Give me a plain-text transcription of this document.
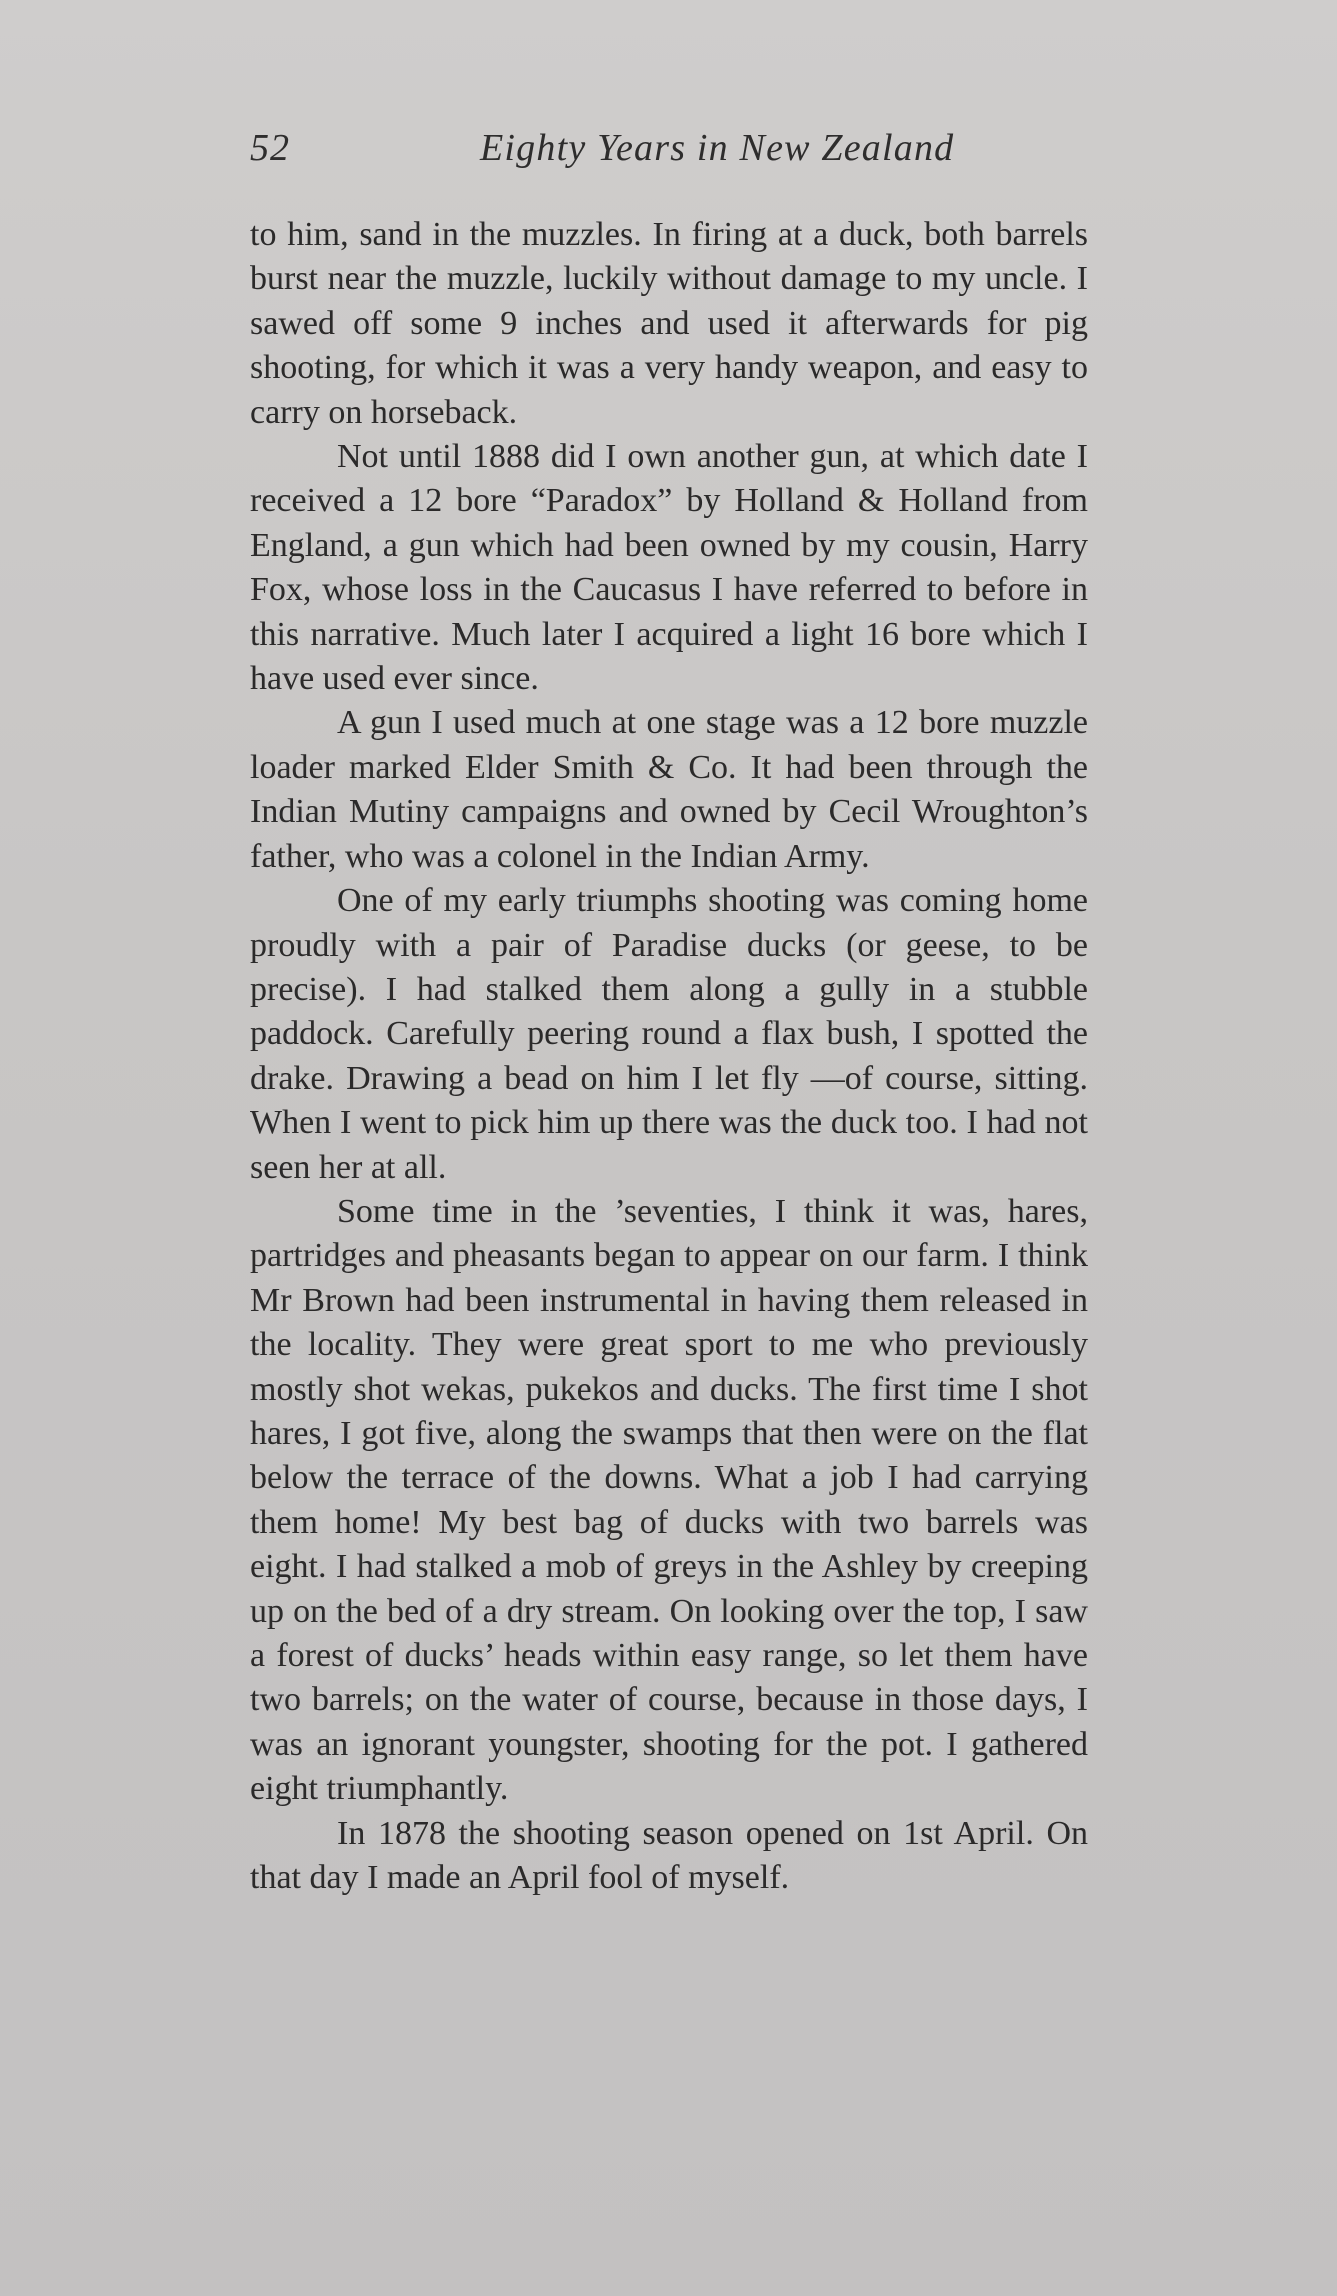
52	Eighty Years in New Zealand

to him, sand in the muzzles. In firing at a duck, both barrels burst near the muzzle, luckily without damage to my uncle. I sawed off some 9 inches and used it afterwards for pig shooting, for which it was a very handy weapon, and easy to carry on horseback.

Not until 1888 did I own another gun, at which date I received a 12 bore “Paradox” by Holland & Holland from England, a gun which had been owned by my cousin, Harry Fox, whose loss in the Caucasus I have referred to before in this narrative. Much later I acquired a light 16 bore which I have used ever since.

A gun I used much at one stage was a 12 bore muzzle loader marked Elder Smith & Co. It had been through the Indian Mutiny campaigns and owned by Cecil Wroughton’s father, who was a colonel in the Indian Army.

One of my early triumphs shooting was coming home proudly with a pair of Paradise ducks (or geese, to be precise). I had stalked them along a gully in a stubble paddock. Carefully peering round a flax bush, I spotted the drake. Drawing a bead on him I let fly —of course, sitting. When I went to pick him up there was the duck too. I had not seen her at all.

Some time in the ’seventies, I think it was, hares, partridges and pheasants began to appear on our farm. I think Mr Brown had been instrumental in having them released in the locality. They were great sport to me who previously mostly shot wekas, pukekos and ducks. The first time I shot hares, I got five, along the swamps that then were on the flat below the terrace of the downs. What a job I had carrying them home! My best bag of ducks with two barrels was eight. I had stalked a mob of greys in the Ashley by creeping up on the bed of a dry stream. On looking over the top, I saw a forest of ducks’ heads within easy range, so let them have two barrels; on the water of course, because in those days, I was an ignorant youngster, shooting for the pot. I gathered eight triumphantly.

In 1878 the shooting season opened on 1st April. On that day I made an April fool of myself.
